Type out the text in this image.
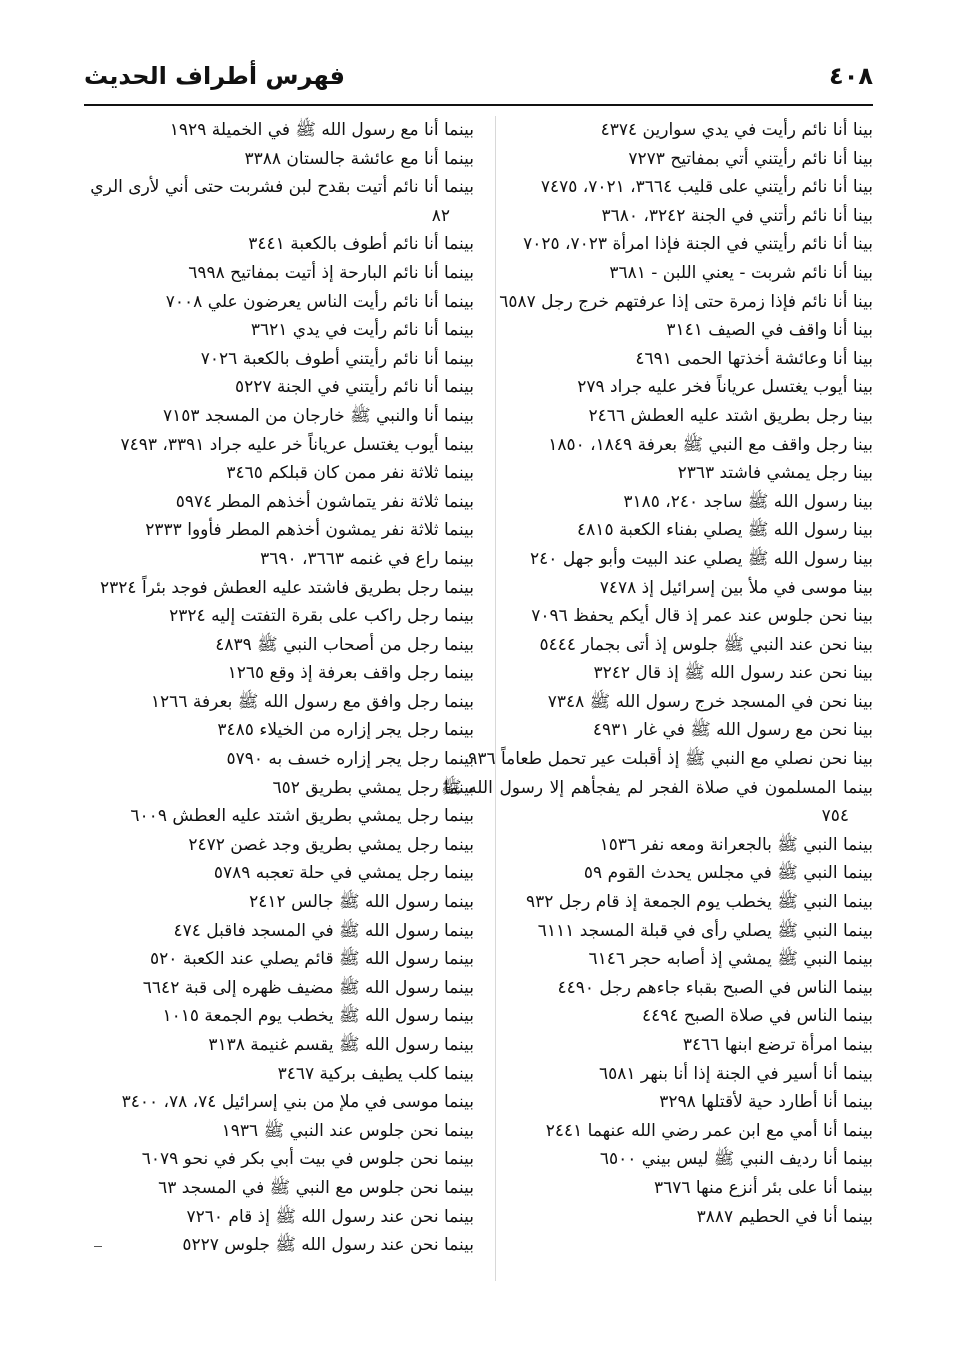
٤٠٨
فهرس أطراف الحديث

بينا أنا نائم رأيت في يدي سوارين ٤٣٧٤

بينا أنا نائم رأيتني أتي بمفاتيح ٧٢٧٣

بينا أنا نائم رأيتني على قليب ٣٦٦٤، ٧٠٢١، ٧٤٧٥

بينا أنا نائم رأتني في الجنة ٣٢٤٢، ٣٦٨٠

بينا أنا نائم رأيتني في الجنة فإذا امرأة ٧٠٢٣، ٧٠٢٥

بينا أنا نائم شربت - يعني اللبن - ٣٦٨١

بينا أنا نائم فإذا زمرة حتى إذا عرفتهم خرج رجل ٦٥٨٧

بينا أنا واقف في الصيف ٣١٤١

بينا أنا وعائشة أخذتها الحمى ٤٦٩١

بينا أيوب يغتسل عرياناً فخر عليه جراد ٢٧٩

بينا رجل بطريق اشتد عليه العطش ٢٤٦٦

بينا رجل واقف مع النبي ﷺ بعرفة ١٨٤٩، ١٨٥٠

بينا رجل يمشي فاشتد ٢٣٦٣

بينا رسول الله ﷺ ساجد ٢٤٠، ٣١٨٥

بينا رسول الله ﷺ يصلي بفناء الكعبة ٤٨١٥

بينا رسول الله ﷺ يصلي عند البيت وأبو جهل ٢٤٠

بينا موسى في ملأ بين إسرائيل إذ ٧٤٧٨

بينا نحن جلوس عند عمر إذ قال أيكم يحفظ ٧٠٩٦

بينا نحن عند النبي ﷺ جلوس إذ أتى بجمار ٥٤٤٤

بينا نحن عند رسول الله ﷺ إذ قال ٣٢٤٢

بينا نحن في المسجد خرج رسول الله ﷺ ٧٣٤٨

بينا نحن مع رسول الله ﷺ في غار ٤٩٣١

بينا نحن نصلي مع النبي ﷺ إذ أقبلت عير تحمل طعاماً ٩٣٦

بينما المسلمون في صلاة الفجر لم يفجأهم إلا رسول الله ﷺ ٧٥٤

بينما النبي ﷺ بالجعرانة ومعه نفر ١٥٣٦

بينما النبي ﷺ في مجلس يحدث القوم ٥٩

بينما النبي ﷺ يخطب يوم الجمعة إذ قام رجل ٩٣٢

بينما النبي ﷺ يصلي رأى في قبلة المسجد ٦١١١

بينما النبي ﷺ يمشي إذ أصابه حجر ٦١٤٦

بينما الناس في الصبح بقباء جاءهم رجل ٤٤٩٠

بينما الناس في صلاة الصبح ٤٤٩٤

بينما امرأة ترضع ابنها ٣٤٦٦

بينما أنا أسير في الجنة إذا أنا بنهر ٦٥٨١

بينما أنا أطارد حية لأقتلها ٣٢٩٨

بينما أنا أمي مع ابن عمر رضي الله عنهما ٢٤٤١

بينما أنا رديف النبي ﷺ ليس بيني ٦٥٠٠

بينما أنا على بئر أنزع منها ٣٦٧٦

بينما أنا في الحطيم ٣٨٨٧

بينما أنا مع رسول الله ﷺ في الخميلة ١٩٢٩

بينما أنا مع عائشة جالستان ٣٣٨٨

بينما أنا نائم أتيت بقدح لبن فشربت حتى أني لأرى الري ٨٢

بينما أنا نائم أطوف بالكعبة ٣٤٤١

بينما أنا نائم البارحة إذ أتيت بمفاتيح ٦٩٩٨

بينما أنا نائم رأيت الناس يعرضون علي ٧٠٠٨

بينما أنا نائم رأيت في يدي ٣٦٢١

بينما أنا نائم رأيتني أطوف بالكعبة ٧٠٢٦

بينما أنا نائم رأيتني في الجنة ٥٢٢٧

بينما أنا والنبي ﷺ خارجان من المسجد ٧١٥٣

بينما أيوب يغتسل عرياناً خر عليه جراد ٣٣٩١، ٧٤٩٣

بينما ثلاثة نفر ممن كان قبلكم ٣٤٦٥

بينما ثلاثة نفر يتماشون أخذهم المطر ٥٩٧٤

بينما ثلاثة نفر يمشون أخذهم المطر فأووا ٢٣٣٣

بينما راع في غنمه ٣٦٦٣، ٣٦٩٠

بينما رجل بطريق فاشتد عليه العطش فوجد بئراً ٢٣٢٤

بينما رجل راكب على بقرة التفتت إليه ٢٣٢٤

بينما رجل من أصحاب النبي ﷺ ٤٨٣٩

بينما رجل واقف بعرفة إذ وقع ١٢٦٥

بينما رجل وافق مع رسول الله ﷺ بعرفة ١٢٦٦

بينما رجل يجر إزاره من الخيلاء ٣٤٨٥

بينما رجل يجر إزاره خسف به ٥٧٩٠

بينما رجل يمشي بطريق ٦٥٢

بينما رجل يمشي بطريق اشتد عليه العطش ٦٠٠٩

بينما رجل يمشي بطريق وجد غصن ٢٤٧٢

بينما رجل يمشي في حلة تعجبه ٥٧٨٩

بينما رسول الله ﷺ جالس ٢٤١٢

بينما رسول الله ﷺ في المسجد فاقبل ٤٧٤

بينما رسول الله ﷺ قائم يصلي عند الكعبة ٥٢٠

بينما رسول الله ﷺ مضيف ظهره إلى قبة ٦٦٤٢

بينما رسول الله ﷺ يخطب يوم الجمعة ١٠١٥

بينما رسول الله ﷺ يقسم غنيمة ٣١٣٨

بينما كلب يطيف بركية ٣٤٦٧

بينما موسى في ملإ من بني إسرائيل ٧٤، ٧٨، ٣٤٠٠

بينما نحن جلوس عند النبي ﷺ ١٩٣٦

بينما نحن جلوس في بيت أبي بكر في نحو ٦٠٧٩

بينما نحن جلوس مع النبي ﷺ في المسجد ٦٣

بينما نحن عند رسول الله ﷺ إذ قام ٧٢٦٠

بينما نحن عند رسول الله ﷺ جلوس ٥٢٢٧
